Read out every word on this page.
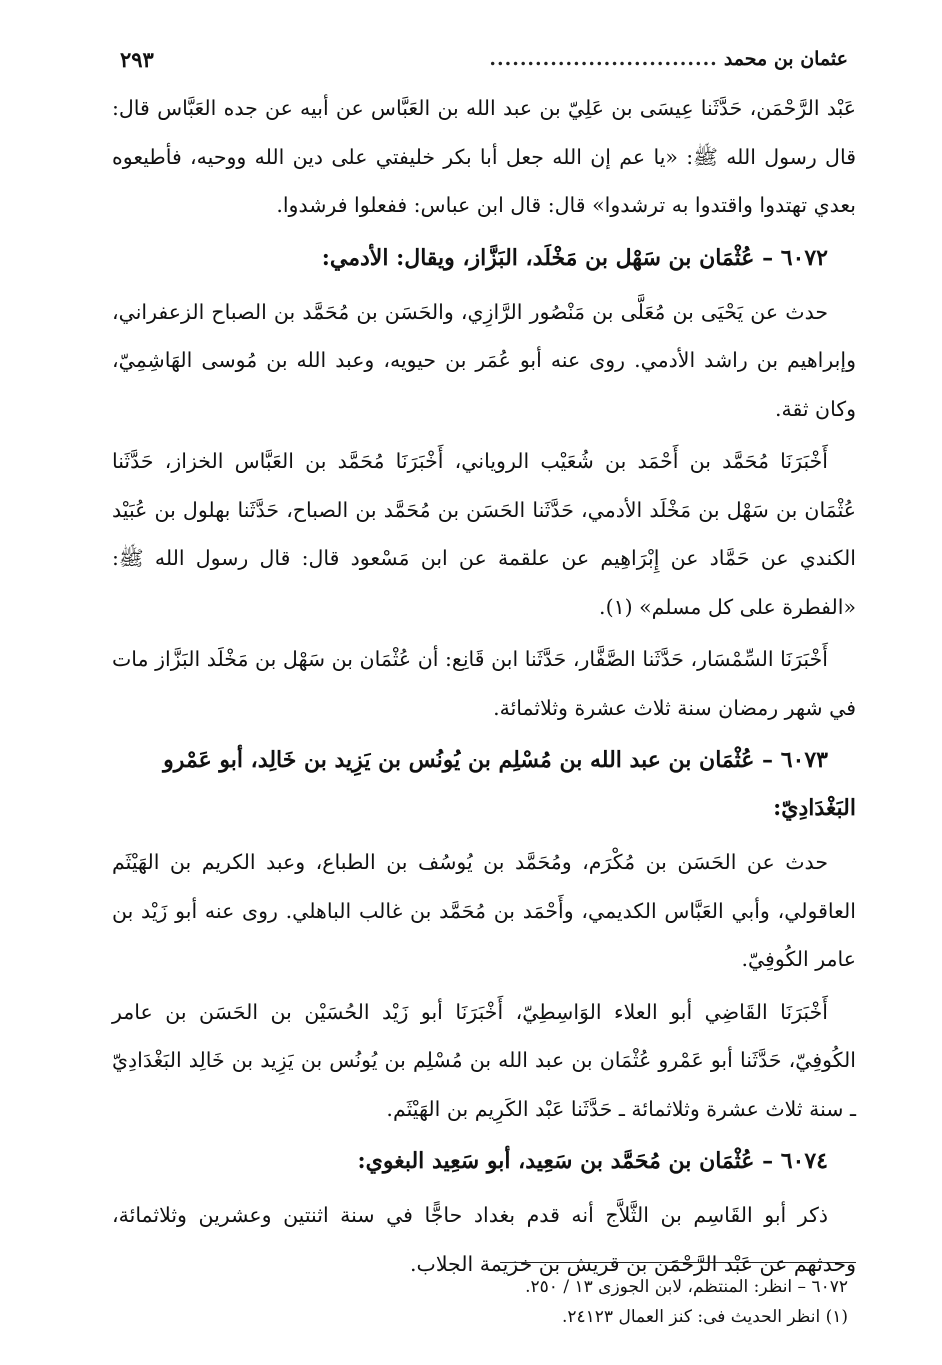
عثمان بن محمد
..............................
٢٩٣

عَبْد الرَّحْمَن، حَدَّثَنا عِيسَى بن عَلِيّ بن عبد الله بن العَبَّاس عن أبيه عن جده العَبَّاس قال: قال رسول الله ﷺ: «يا عم إن الله جعل أبا بكر خليفتي على دين الله ووحيه، فأطيعوه بعدي تهتدوا واقتدوا به ترشدوا» قال: قال ابن عباس: ففعلوا فرشدوا.

٦٠٧٢ – عُثْمَان بن سَهْل بن مَخْلَد، البَزَّاز، ويقال: الأدمي:

حدث عن يَحْيَى بن مُعَلَّى بن مَنْصُور الرَّازِي، والحَسَن بن مُحَمَّد بن الصباح الزعفراني، وإبراهيم بن راشد الأدمي. روى عنه أبو عُمَر بن حيويه، وعبد الله بن مُوسى الهَاشِمِيّ، وكان ثقة.

أَخْبَرَنَا مُحَمَّد بن أَحْمَد بن شُعَيْب الروياني، أَخْبَرَنَا مُحَمَّد بن العَبَّاس الخزاز، حَدَّثَنا عُثْمَان بن سَهْل بن مَخْلَد الأدمي، حَدَّثَنا الحَسَن بن مُحَمَّد بن الصباح، حَدَّثَنا بهلول بن عُبَيْد الكندي عن حَمَّاد عن إِبْرَاهِيم عن علقمة عن ابن مَسْعود قال: قال رسول الله ﷺ: «الفطرة على كل مسلم» (١).

أَخْبَرَنَا السِّمْسَار، حَدَّثَنا الصَّفَّار، حَدَّثَنا ابن قَانِع: أن عُثْمَان بن سَهْل بن مَخْلَد البَزَّاز مات في شهر رمضان سنة ثلاث عشرة وثلاثمائة.

٦٠٧٣ – عُثْمَان بن عبد الله بن مُسْلِم بن يُونُس بن يَزِيد بن خَالِد، أبو عَمْرو البَغْدَادِيّ:

حدث عن الحَسَن بن مُكْرَم، ومُحَمَّد بن يُوسُف بن الطباع، وعبد الكريم بن الهَيْثَم العاقولي، وأبي العَبَّاس الكديمي، وأَحْمَد بن مُحَمَّد بن غالب الباهلي. روى عنه أبو زَيْد بن عامر الكُوفِيّ.

أَخْبَرَنَا القَاضِي أبو العلاء الوَاسِطِيّ، أَخْبَرَنَا أبو زَيْد الحُسَيْن بن الحَسَن بن عامر الكُوفِيّ، حَدَّثَنا أبو عَمْرو عُثْمَان بن عبد الله بن مُسْلِم بن يُونُس بن يَزِيد بن خَالِد البَغْدَادِيّ ـ سنة ثلاث عشرة وثلاثمائة ـ حَدَّثَنا عَبْد الكَرِيم بن الهَيْثَم.

٦٠٧٤ – عُثْمَان بن مُحَمَّد بن سَعِيد، أبو سَعِيد البغوي:

ذكر أبو القَاسِم بن الثَّلاَّج أنه قدم بغداد حاجًّا في سنة اثنتين وعشرين وثلاثمائة، وحدثهم عن عَبْد الرَّحْمَن بن قريش بن خزيمة الجلاب.

٦٠٧٢ – انظر: المنتظم، لابن الجوزى ١٣ / ٢٥٠.
(١) انظر الحديث فى: كنز العمال ٢٤١٢٣.
